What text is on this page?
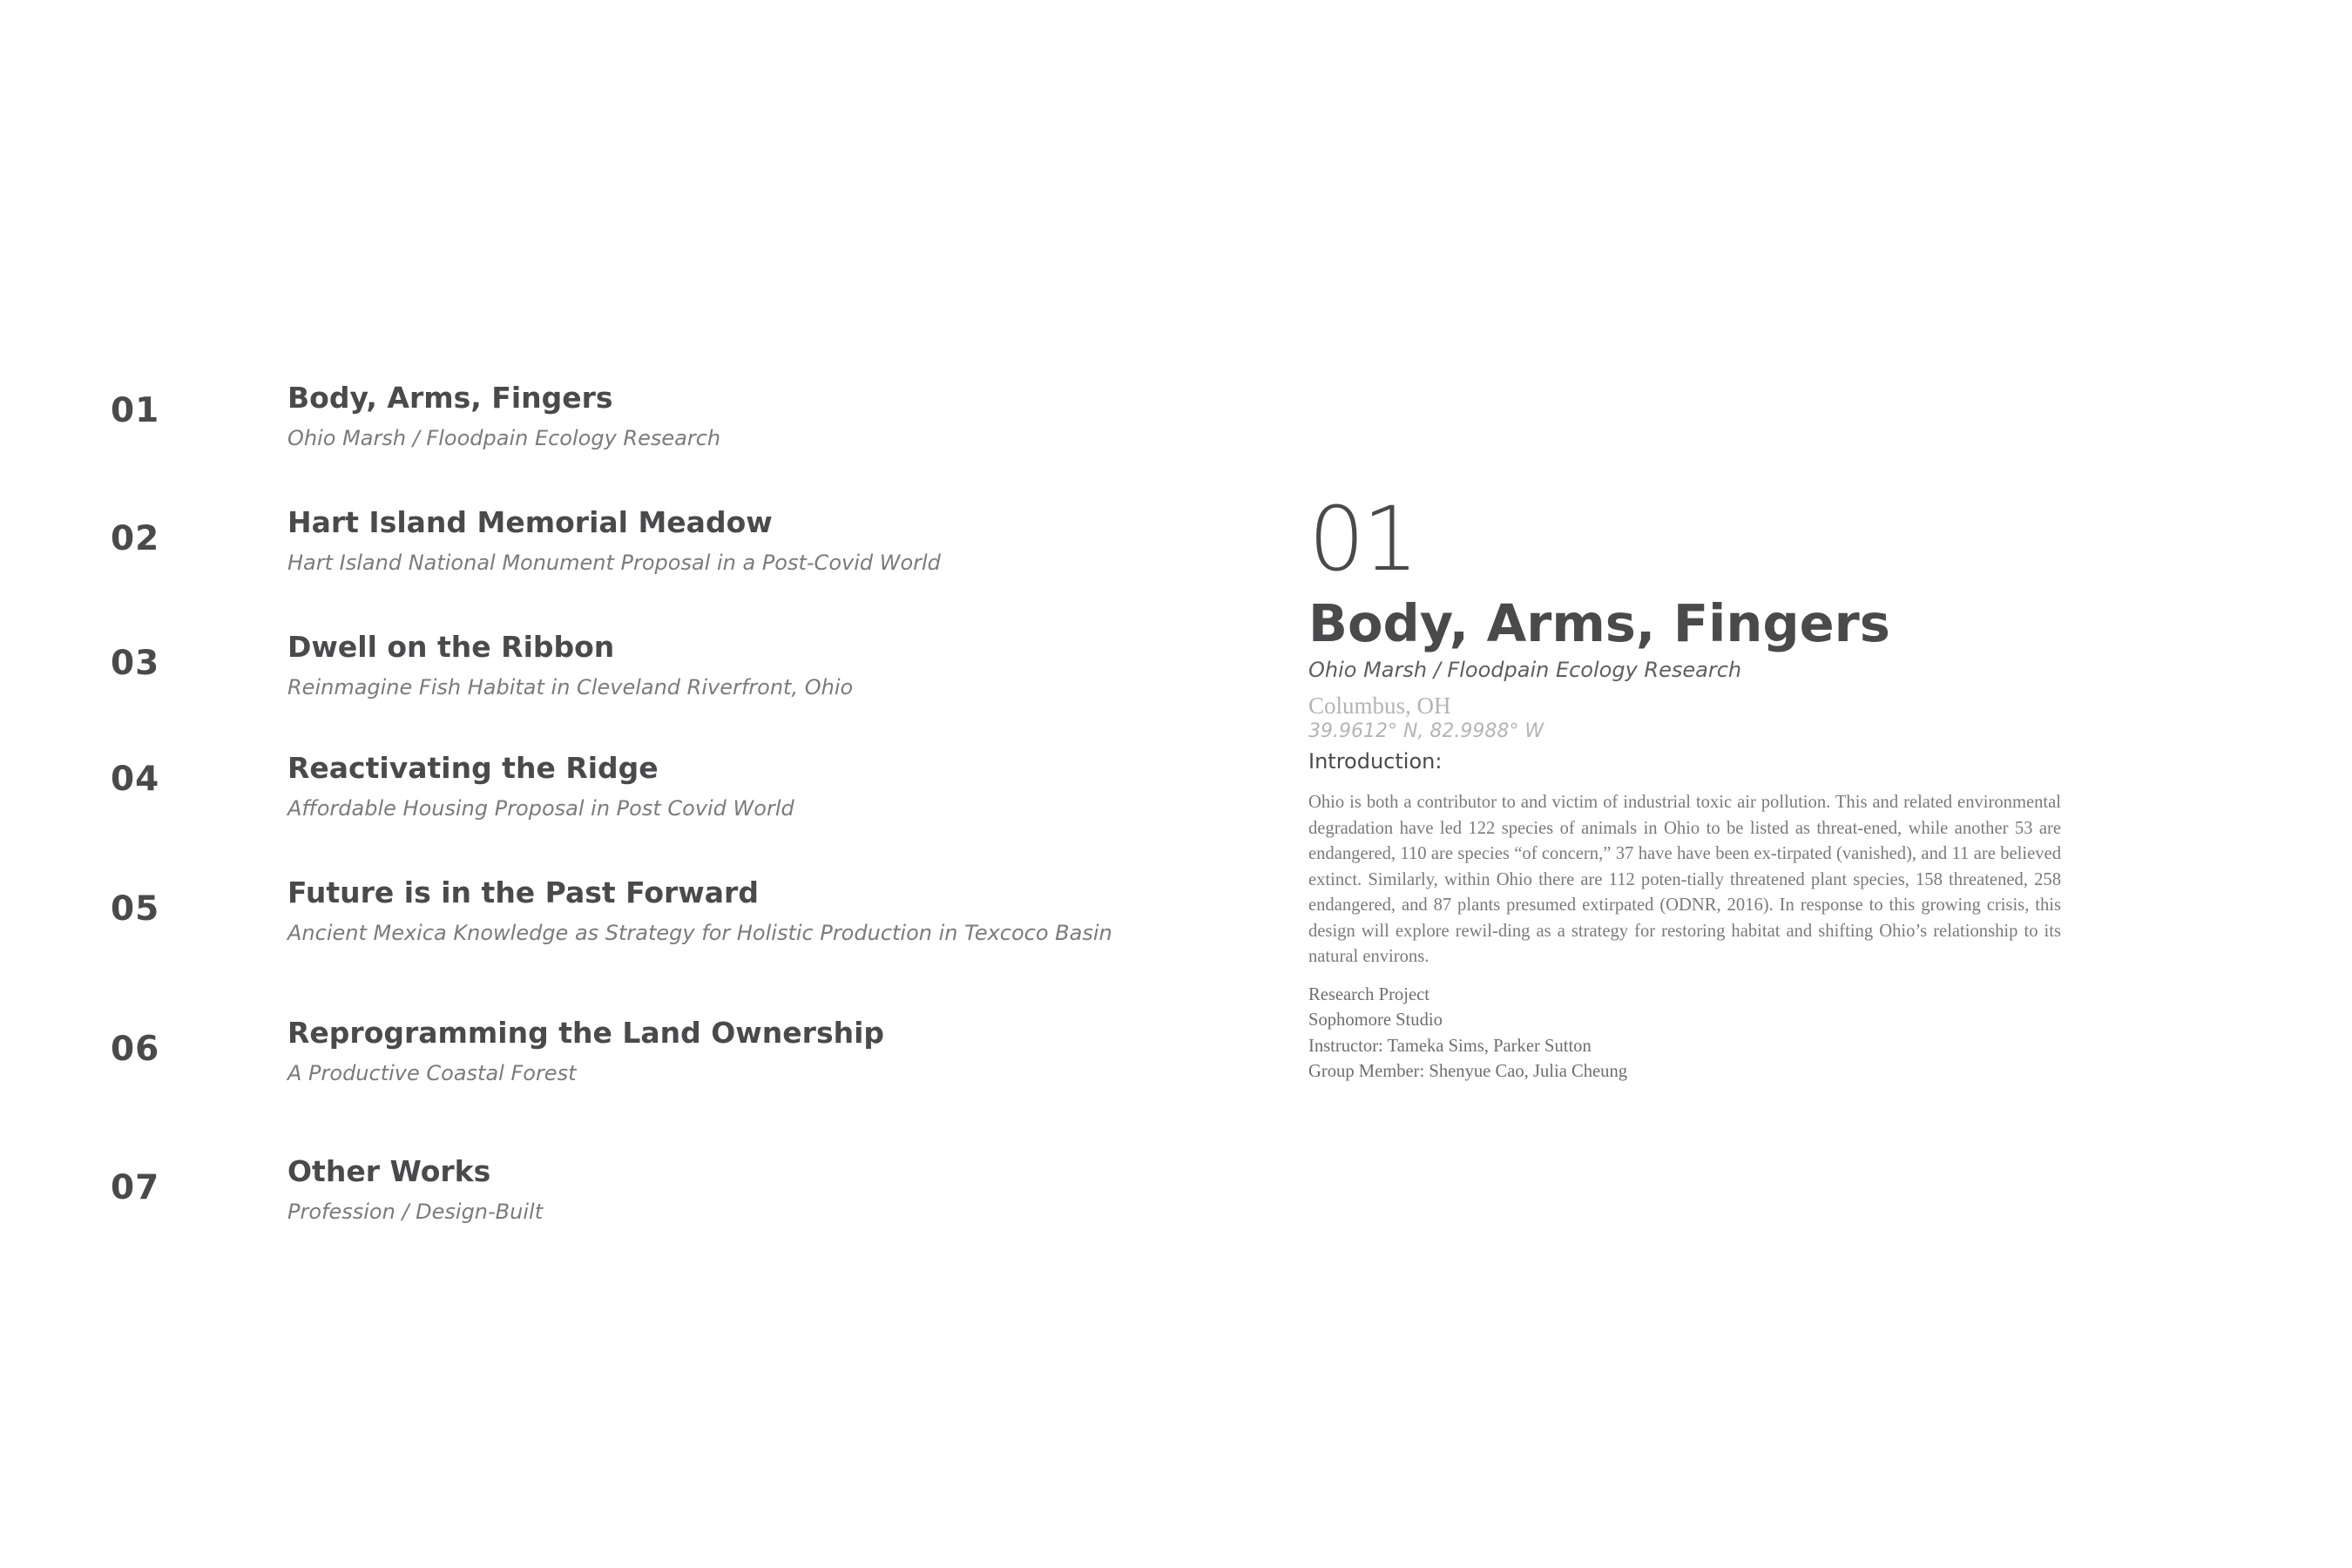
01	Body, Arms, Fingers
Ohio Marsh / Floodpain Ecology Research
02	Hart Island Memorial Meadow
Hart Island National Monument Proposal in a Post-Covid World
03	Dwell on the Ribbon
Reinmagine Fish Habitat in Cleveland Riverfront, Ohio
04	Reactivating the Ridge
Affordable Housing Proposal in Post Covid World
05	Future is in the Past Forward
Ancient Mexica Knowledge as Strategy for Holistic Production in Texcoco Basin
06	Reprogramming the Land Ownership
A Productive Coastal Forest
07	Other Works
Profession / Design-Built
01
Body, Arms, Fingers
Ohio Marsh / Floodpain Ecology Research
Columbus, OH
39.9612° N, 82.9988° W
Introduction:
Ohio is both a contributor to and victim of industrial toxic air pollution. This and related environmental degradation have led 122 species of animals in Ohio to be listed as threat-ened, while another 53 are endangered, 110 are species “of concern,” 37 have have been ex-tirpated (vanished), and 11 are believed extinct. Similarly, within Ohio there are 112 poten-tially threatened plant species, 158 threatened, 258 endangered, and 87 plants presumed extirpated (ODNR, 2016). In response to this growing crisis, this design will explore rewil-ding as a strategy for restoring habitat and shifting Ohio’s relationship to its natural environs.
Research Project
Sophomore Studio
Instructor: Tameka Sims, Parker Sutton
Group Member: Shenyue Cao, Julia Cheung
